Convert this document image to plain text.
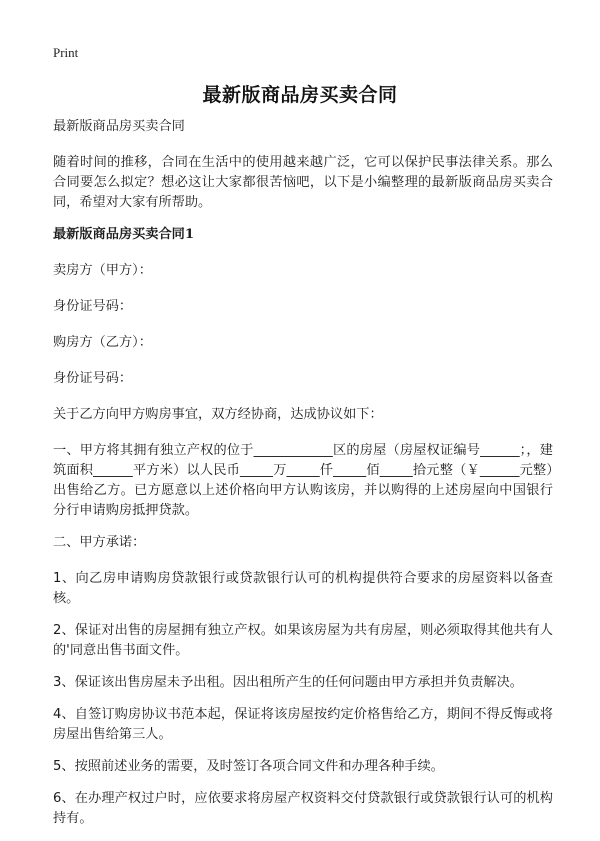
Print
最新版商品房买卖合同

最新版商品房买卖合同

随着时间的推移，合同在生活中的使用越来越广泛，它可以保护民事法律关系。那么合同要怎么拟定？想必这让大家都很苦恼吧，以下是小编整理的最新版商品房买卖合同，希望对大家有所帮助。

最新版商品房买卖合同1

卖房方（甲方）：

身份证号码：

购房方（乙方）：

身份证号码：

关于乙方向甲方购房事宜，双方经协商，达成协议如下：

一、甲方将其拥有独立产权的位于____________区的房屋（房屋权证编号______；，建筑面积______平方米）以人民币_____万_____仟_____佰_____拾元整（￥______元整）出售给乙方。已方愿意以上述价格向甲方认购该房，并以购得的上述房屋向中国银行分行申请购房抵押贷款。

二、甲方承诺：

1、向乙房申请购房贷款银行或贷款银行认可的机构提供符合要求的房屋资料以备查核。

2、保证对出售的房屋拥有独立产权。如果该房屋为共有房屋，则必须取得其他共有人的'同意出售书面文件。

3、保证该出售房屋未予出租。因出租所产生的任何问题由甲方承担并负责解决。

4、自签订购房协议书范本起，保证将该房屋按约定价格售给乙方，期间不得反悔或将房屋出售给第三人。

5、按照前述业务的需要，及时签订各项合同文件和办理各种手续。

6、在办理产权过户时，应依要求将房屋产权资料交付贷款银行或贷款银行认可的机构持有。
